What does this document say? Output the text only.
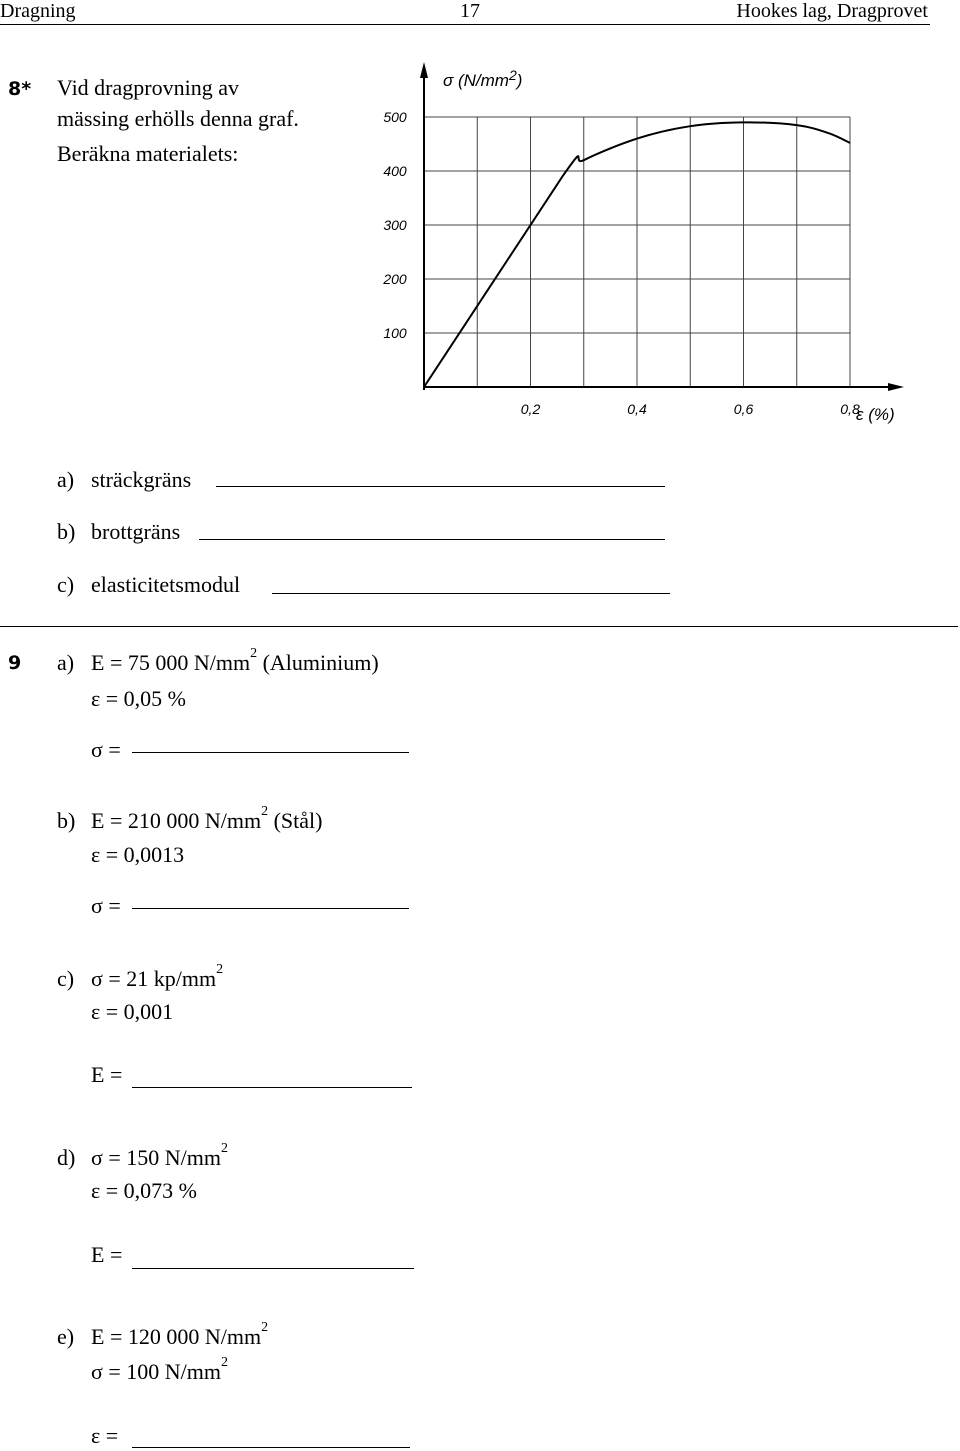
Dragning	17	Hookes lag, Dragprovet
8* Vid dragprovning av
mässing erhölls denna graf.
Beräkna materialets:
0,2	0,4	0,6	0,8
100
200
300
400
500
σ $(N/mm^2)$
ε (%)
a) sträckgräns
b) brottgräns
c) elasticitetsmodul
9 a) E = 75 000 $N/mm^2$ (Aluminium)
ε = 0,05 %
σ =
b) E = 210 000 $N/mm^2$ (Stål)
ε = 0,0013
σ =
c) σ = 21 $kp/mm^2$
ε = 0,001
E =
d) σ = 150 $N/mm^2$
ε = 0,073 %
E =
e) E = 120 000 $N/mm^2$
σ = 100 $N/mm^2$
ε =
